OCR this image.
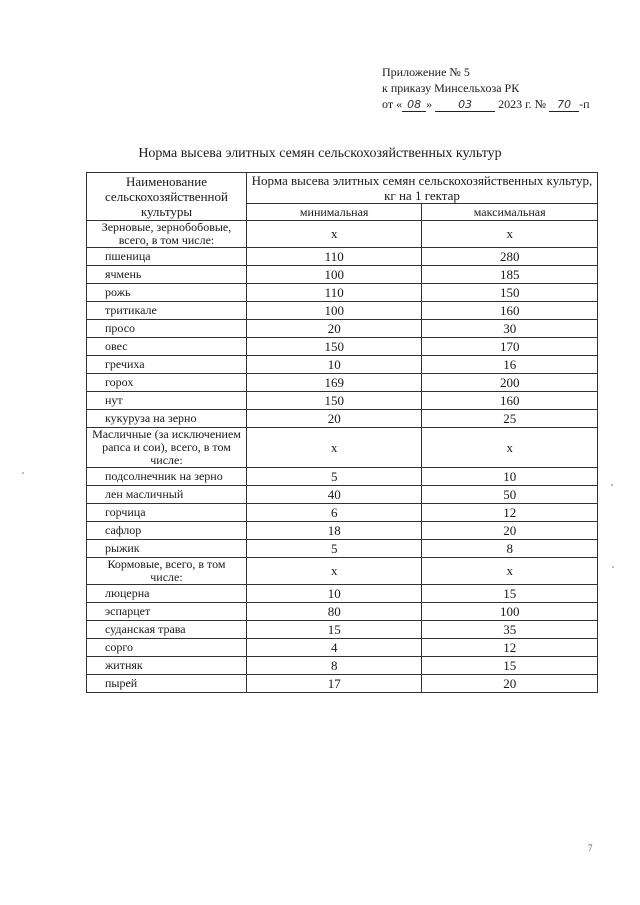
Приложение № 5
к приказу Минсельхоза РК
от « 08 » 03 2023 г. № 70 -п
Норма высева элитных семян сельскохозяйственных культур
Наименование сельскохозяйственной культуры	Норма высева элитных семян сельскохозяйственных культур, кг на 1 гектар	
	минимальная	максимальная
Зерновые, зернобобовые, всего, в том числе:	х	х
пшеница	110	280
ячмень	100	185
рожь	110	150
тритикале	100	160
просо	20	30
овес	150	170
гречиха	10	16
горох	169	200
нут	150	160
кукуруза на зерно	20	25
Масличные (за исключением рапса и сои), всего, в том числе:	х	х
подсолнечник на зерно	5	10
лен масличный	40	50
горчица	6	12
сафлор	18	20
рыжик	5	8
Кормовые, всего, в том числе:	х	х
люцерна	10	15
эспарцет	80	100
суданская трава	15	35
сорго	4	12
житняк	8	15
пырей	17	20
7
